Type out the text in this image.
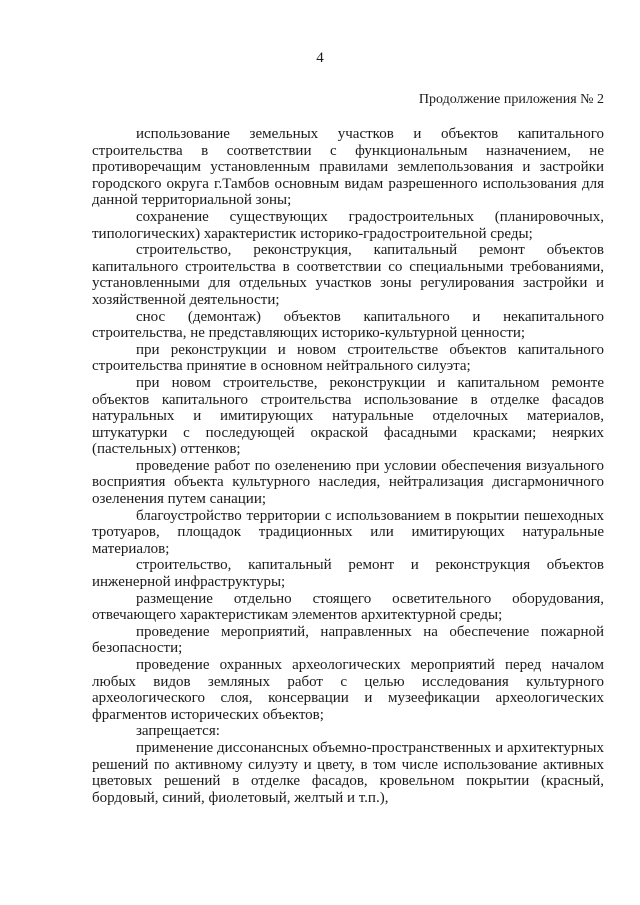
4
Продолжение приложения № 2

использование земельных участков и объектов капитального строительства в соответствии с функциональным назначением, не противоречащим установленным правилами землепользования и застройки городского округа г.Тамбов основным видам разрешенного использования для данной территориальной зоны;

сохранение существующих градостроительных (планировочных, типологических) характеристик историко-градостроительной среды;

строительство, реконструкция, капитальный ремонт объектов капитального строительства в соответствии со специальными требованиями, установленными для отдельных участков зоны регулирования застройки и хозяйственной деятельности;

снос (демонтаж) объектов капитального и некапитального строительства, не представляющих историко-культурной ценности;

при реконструкции и новом строительстве объектов капитального строительства принятие в основном нейтрального силуэта;

при новом строительстве, реконструкции и капитальном ремонте объектов капитального строительства использование в отделке фасадов натуральных и имитирующих натуральные отделочных материалов, штукатурки с последующей окраской фасадными красками; неярких (пастельных) оттенков;

проведение работ по озеленению при условии обеспечения визуального восприятия объекта культурного наследия, нейтрализация дисгармоничного озеленения путем санации;

благоустройство территории с использованием в покрытии пешеходных тротуаров, площадок традиционных или имитирующих натуральные материалов;

строительство, капитальный ремонт и реконструкция объектов инженерной инфраструктуры;

размещение отдельно стоящего осветительного оборудования, отвечающего характеристикам элементов архитектурной среды;

проведение мероприятий, направленных на обеспечение пожарной безопасности;

проведение охранных археологических мероприятий перед началом любых видов земляных работ с целью исследования культурного археологического слоя, консервации и музеефикации археологических фрагментов исторических объектов;

запрещается:

применение диссонансных объемно-пространственных и архитектурных решений по активному силуэту и цвету, в том числе использование активных цветовых решений в отделке фасадов, кровельном покрытии (красный, бордовый, синий, фиолетовый, желтый и т.п.),
